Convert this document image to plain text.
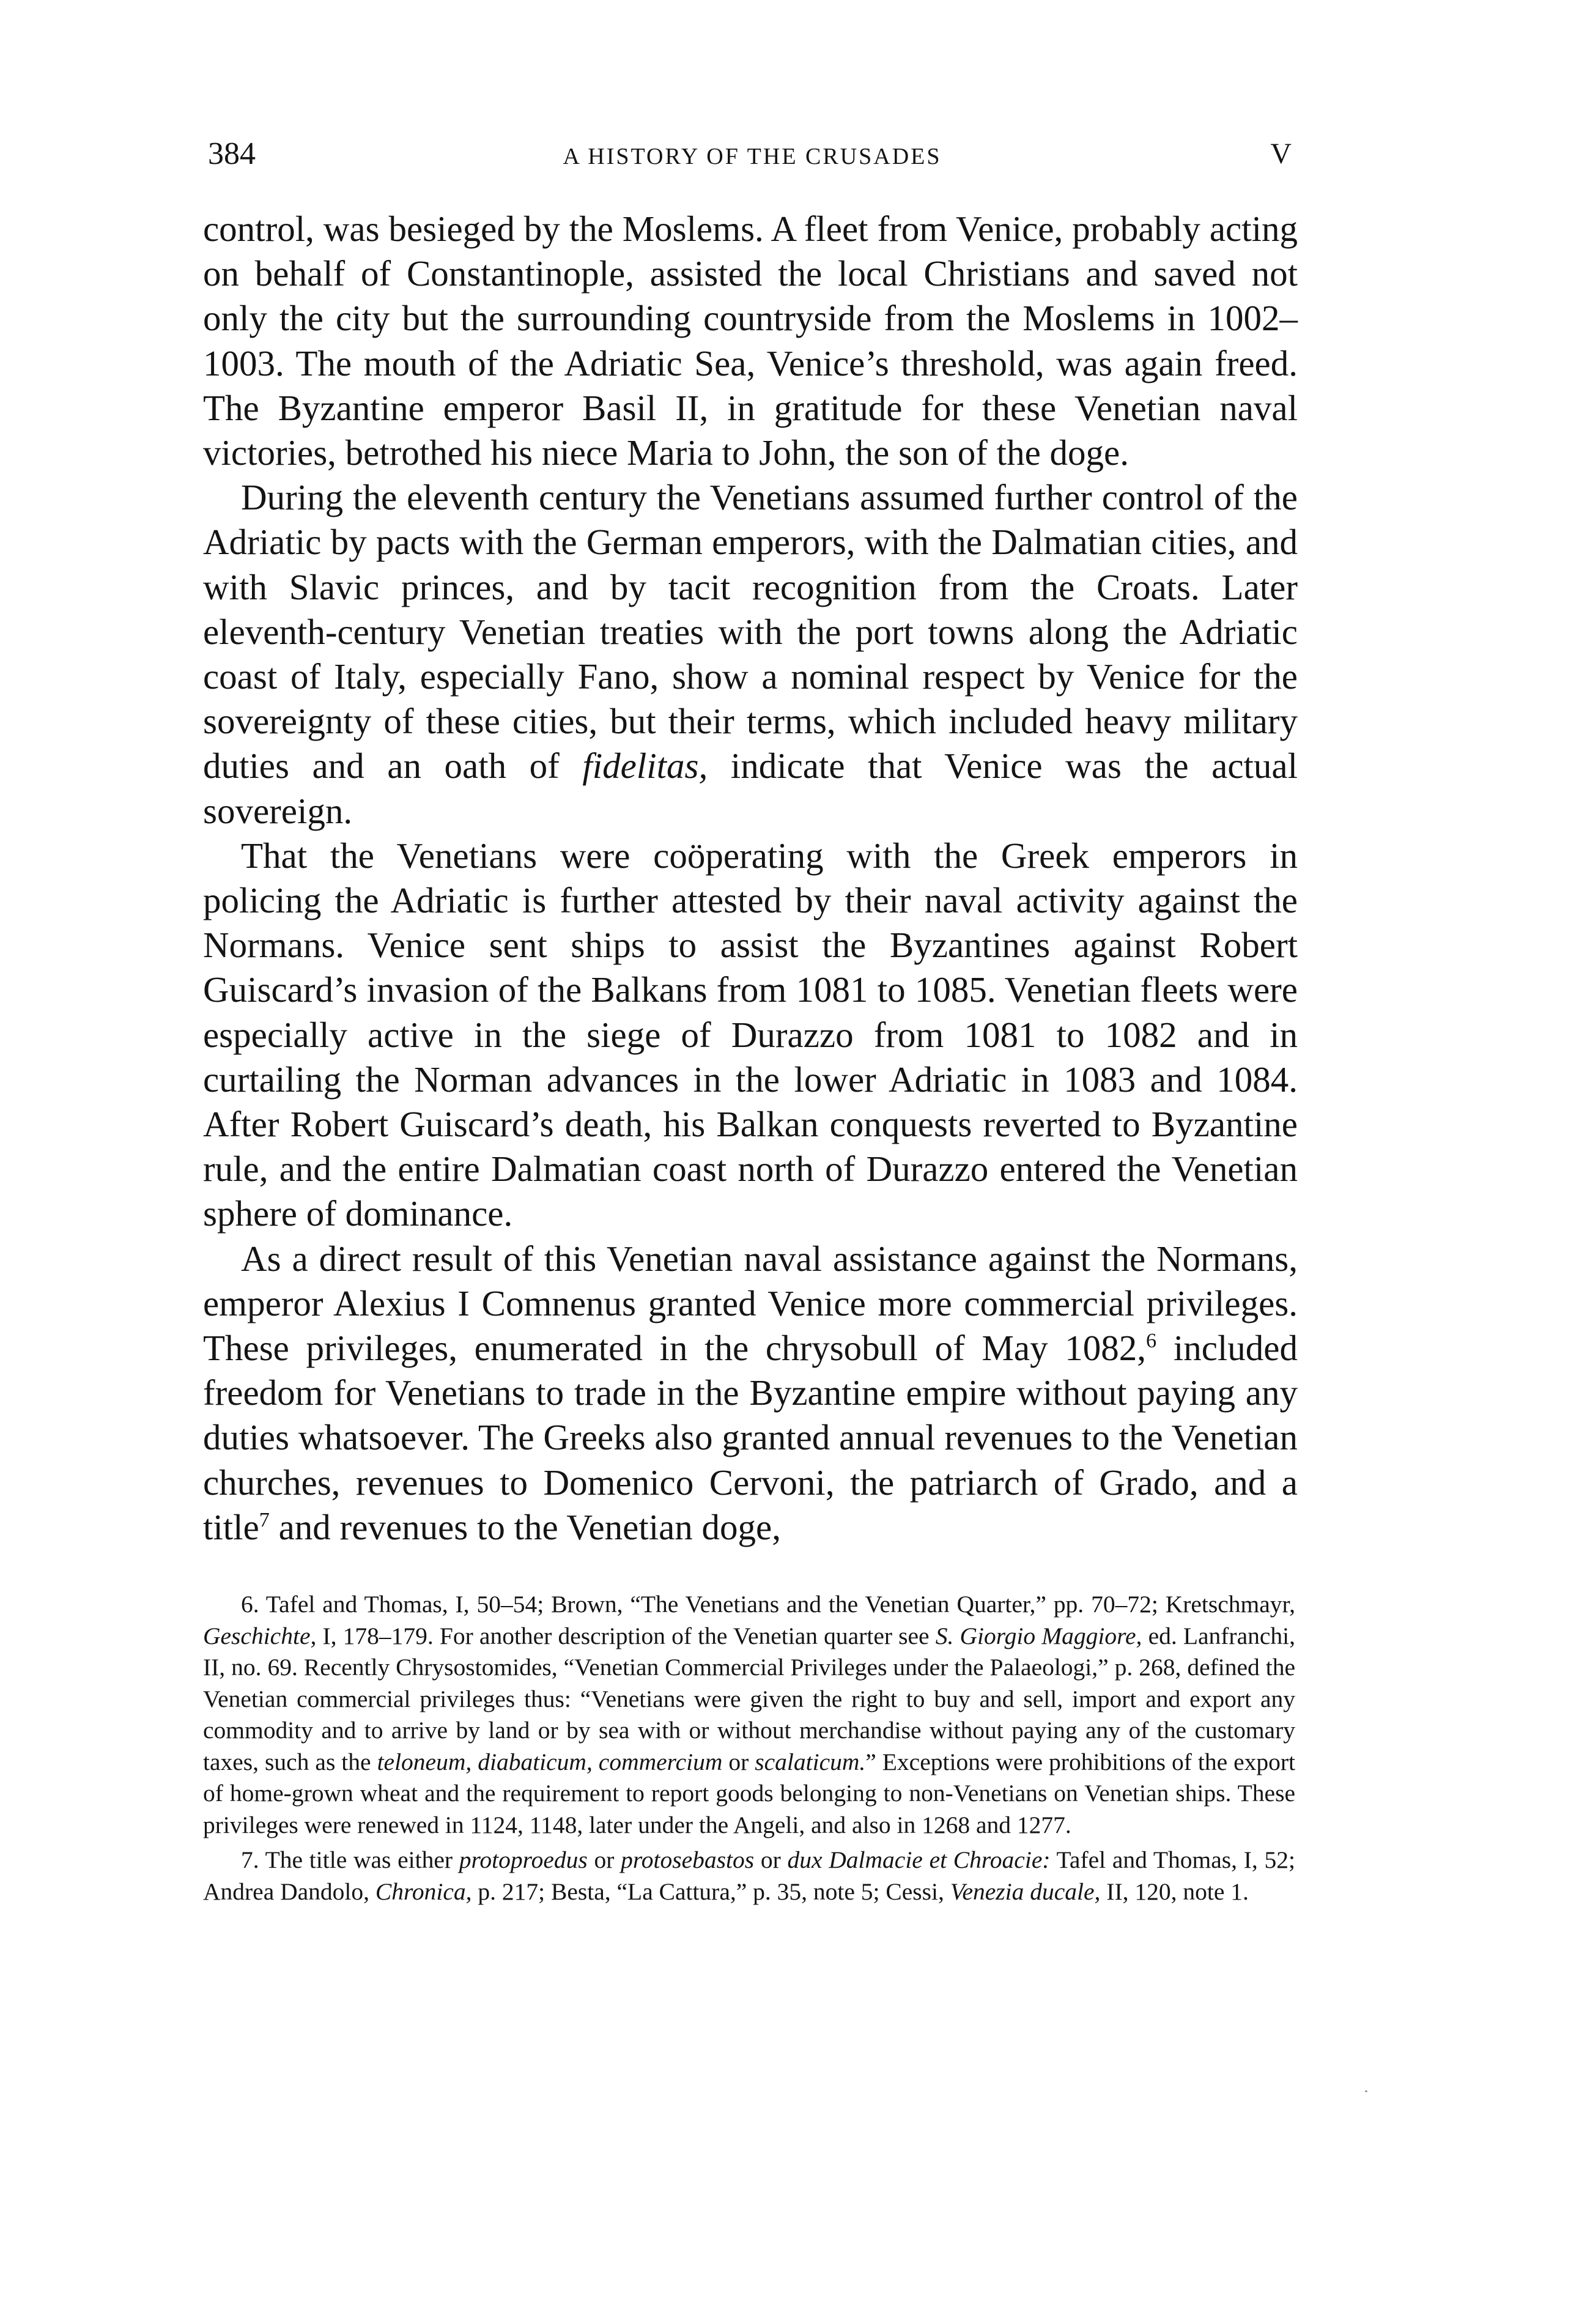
384	A HISTORY OF THE CRUSADES	V

control, was besieged by the Moslems. A fleet from Venice, probably acting on behalf of Constantinople, assisted the local Christians and saved not only the city but the surrounding countryside from the Moslems in 1002–1003. The mouth of the Adriatic Sea, Venice’s threshold, was again freed. The Byzantine emperor Basil II, in gratitude for these Venetian naval victories, betrothed his niece Maria to John, the son of the doge.

During the eleventh century the Venetians assumed further control of the Adriatic by pacts with the German emperors, with the Dalmatian cities, and with Slavic princes, and by tacit recognition from the Croats. Later eleventh-century Venetian treaties with the port towns along the Adriatic coast of Italy, especially Fano, show a nominal respect by Venice for the sovereignty of these cities, but their terms, which included heavy military duties and an oath of fidelitas, indicate that Venice was the actual sovereign.

That the Venetians were coöperating with the Greek emperors in policing the Adriatic is further attested by their naval activity against the Normans. Venice sent ships to assist the Byzantines against Robert Guiscard’s invasion of the Balkans from 1081 to 1085. Venetian fleets were especially active in the siege of Durazzo from 1081 to 1082 and in curtailing the Norman advances in the lower Adriatic in 1083 and 1084. After Robert Guiscard’s death, his Balkan conquests reverted to Byzantine rule, and the entire Dalmatian coast north of Durazzo entered the Venetian sphere of dominance.

As a direct result of this Venetian naval assistance against the Normans, emperor Alexius I Comnenus granted Venice more commercial privileges. These privileges, enumerated in the chrysobull of May 1082,$^6$ included freedom for Venetians to trade in the Byzantine empire without paying any duties whatsoever. The Greeks also granted annual revenues to the Venetian churches, revenues to Domenico Cervoni, the patriarch of Grado, and a title$^7$ and revenues to the Venetian doge,

6. Tafel and Thomas, I, 50–54; Brown, “The Venetians and the Venetian Quarter,” pp. 70–72; Kretschmayr, Geschichte, I, 178–179. For another description of the Venetian quarter see S. Giorgio Maggiore, ed. Lanfranchi, II, no. 69. Recently Chrysostomides, “Venetian Commercial Privileges under the Palaeologi,” p. 268, defined the Venetian commercial privileges thus: “Venetians were given the right to buy and sell, import and export any commodity and to arrive by land or by sea with or without merchandise without paying any of the customary taxes, such as the teloneum, diabaticum, commercium or scalaticum.” Exceptions were prohibitions of the export of home-grown wheat and the requirement to report goods belonging to non-Venetians on Venetian ships. These privileges were renewed in 1124, 1148, later under the Angeli, and also in 1268 and 1277.

7. The title was either protoproedus or protosebastos or dux Dalmacie et Chroacie: Tafel and Thomas, I, 52; Andrea Dandolo, Chronica, p. 217; Besta, “La Cattura,” p. 35, note 5; Cessi, Venezia ducale, II, 120, note 1.
